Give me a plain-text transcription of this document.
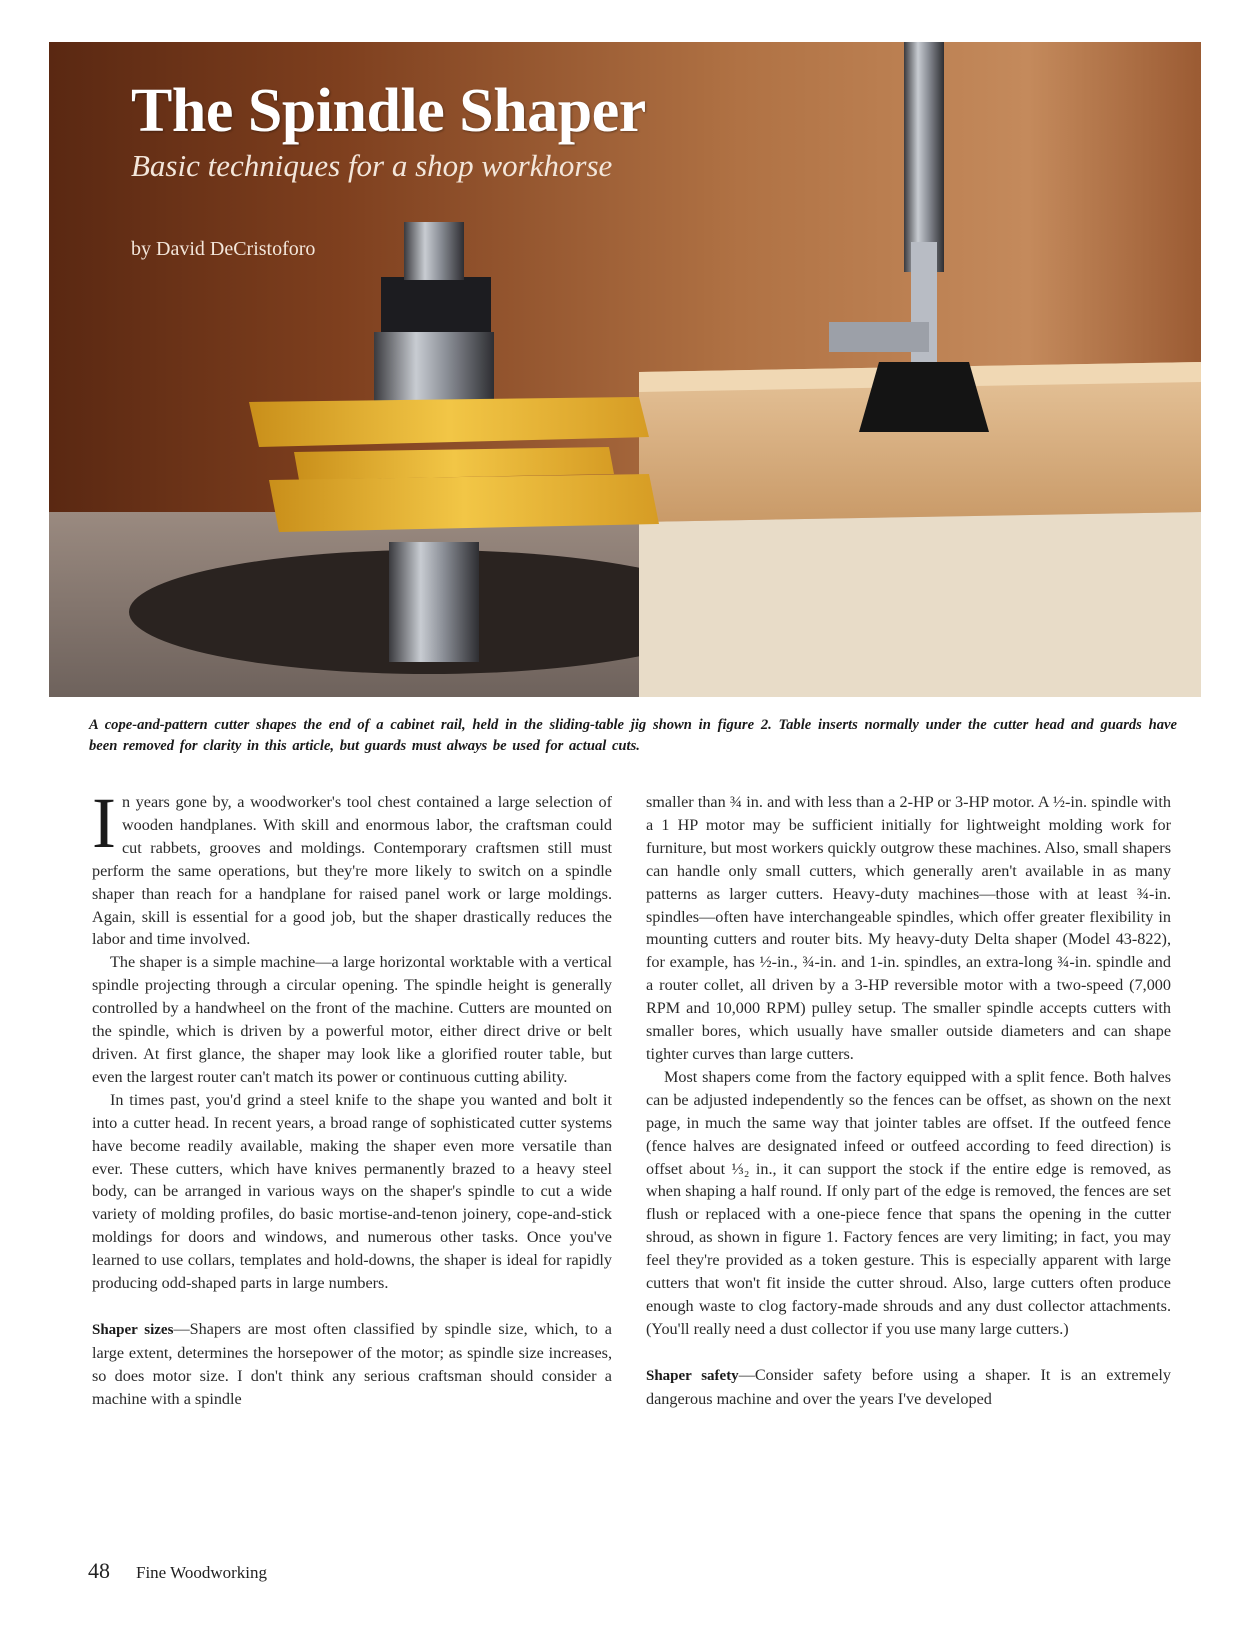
The Spindle Shaper
Basic techniques for a shop workhorse
by David DeCristoforo
A cope-and-pattern cutter shapes the end of a cabinet rail, held in the sliding-table jig shown in figure 2. Table inserts normally under the cutter head and guards have been removed for clarity in this article, but guards must always be used for actual cuts.

In years gone by, a woodworker's tool chest contained a large selection of wooden handplanes. With skill and enormous labor, the craftsman could cut rabbets, grooves and moldings. Contemporary craftsmen still must perform the same operations, but they're more likely to switch on a spindle shaper than reach for a handplane for raised panel work or large moldings. Again, skill is essential for a good job, but the shaper drastically reduces the labor and time involved.

The shaper is a simple machine—a large horizontal worktable with a vertical spindle projecting through a circular opening. The spindle height is generally controlled by a handwheel on the front of the machine. Cutters are mounted on the spindle, which is driven by a powerful motor, either direct drive or belt driven. At first glance, the shaper may look like a glorified router table, but even the largest router can't match its power or continuous cutting ability.

In times past, you'd grind a steel knife to the shape you wanted and bolt it into a cutter head. In recent years, a broad range of sophisticated cutter systems have become readily available, making the shaper even more versatile than ever. These cutters, which have knives permanently brazed to a heavy steel body, can be arranged in various ways on the shaper's spindle to cut a wide variety of molding profiles, do basic mortise-and-tenon joinery, cope-and-stick moldings for doors and windows, and numerous other tasks. Once you've learned to use collars, templates and hold-downs, the shaper is ideal for rapidly producing odd-shaped parts in large numbers.

Shaper sizes—Shapers are most often classified by spindle size, which, to a large extent, determines the horsepower of the motor; as spindle size increases, so does motor size. I don't think any serious craftsman should consider a machine with a spindle

smaller than ¾ in. and with less than a 2-HP or 3-HP motor. A ½-in. spindle with a 1 HP motor may be sufficient initially for lightweight molding work for furniture, but most workers quickly outgrow these machines. Also, small shapers can handle only small cutters, which generally aren't available in as many patterns as larger cutters. Heavy-duty machines—those with at least ¾-in. spindles—often have interchangeable spindles, which offer greater flexibility in mounting cutters and router bits. My heavy-duty Delta shaper (Model 43-822), for example, has ½-in., ¾-in. and 1-in. spindles, an extra-long ¾-in. spindle and a router collet, all driven by a 3-HP reversible motor with a two-speed (7,000 RPM and 10,000 RPM) pulley setup. The smaller spindle accepts cutters with smaller bores, which usually have smaller outside diameters and can shape tighter curves than large cutters.

Most shapers come from the factory equipped with a split fence. Both halves can be adjusted independently so the fences can be offset, as shown on the next page, in much the same way that jointer tables are offset. If the outfeed fence (fence halves are designated infeed or outfeed according to feed direction) is offset about ⅓₂ in., it can support the stock if the entire edge is removed, as when shaping a half round. If only part of the edge is removed, the fences are set flush or replaced with a one-piece fence that spans the opening in the cutter shroud, as shown in figure 1. Factory fences are very limiting; in fact, you may feel they're provided as a token gesture. This is especially apparent with large cutters that won't fit inside the cutter shroud. Also, large cutters often produce enough waste to clog factory-made shrouds and any dust collector attachments. (You'll really need a dust collector if you use many large cutters.)

Shaper safety—Consider safety before using a shaper. It is an extremely dangerous machine and over the years I've developed

48 Fine Woodworking
